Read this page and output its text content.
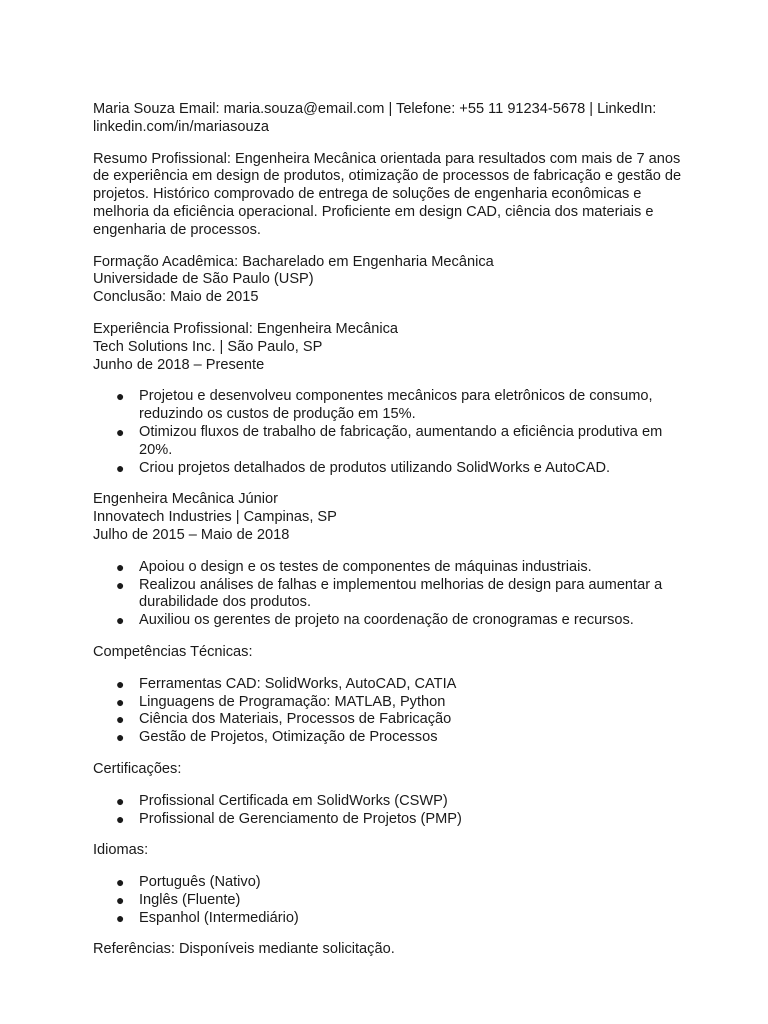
Maria Souza Email: maria.souza@email.com | Telefone: +55 11 91234-5678 | LinkedIn:
linkedin.com/in/mariasouza
Resumo Profissional: Engenheira Mecânica orientada para resultados com mais de 7 anos
de experiência em design de produtos, otimização de processos de fabricação e gestão de
projetos. Histórico comprovado de entrega de soluções de engenharia econômicas e
melhoria da eficiência operacional. Proficiente em design CAD, ciência dos materiais e
engenharia de processos.
Formação Acadêmica: Bacharelado em Engenharia Mecânica
Universidade de São Paulo (USP)
Conclusão: Maio de 2015
Experiência Profissional: Engenheira Mecânica
Tech Solutions Inc. | São Paulo, SP
Junho de 2018 – Presente
● Projetou e desenvolveu componentes mecânicos para eletrônicos de consumo,
reduzindo os custos de produção em 15%.
● Otimizou fluxos de trabalho de fabricação, aumentando a eficiência produtiva em
20%.
● Criou projetos detalhados de produtos utilizando SolidWorks e AutoCAD.
Engenheira Mecânica Júnior
Innovatech Industries | Campinas, SP
Julho de 2015 – Maio de 2018
● Apoiou o design e os testes de componentes de máquinas industriais.
● Realizou análises de falhas e implementou melhorias de design para aumentar a
durabilidade dos produtos.
● Auxiliou os gerentes de projeto na coordenação de cronogramas e recursos.
Competências Técnicas:
● Ferramentas CAD: SolidWorks, AutoCAD, CATIA
● Linguagens de Programação: MATLAB, Python
● Ciência dos Materiais, Processos de Fabricação
● Gestão de Projetos, Otimização de Processos
Certificações:
● Profissional Certificada em SolidWorks (CSWP)
● Profissional de Gerenciamento de Projetos (PMP)
Idiomas:
● Português (Nativo)
● Inglês (Fluente)
● Espanhol (Intermediário)
Referências: Disponíveis mediante solicitação.
